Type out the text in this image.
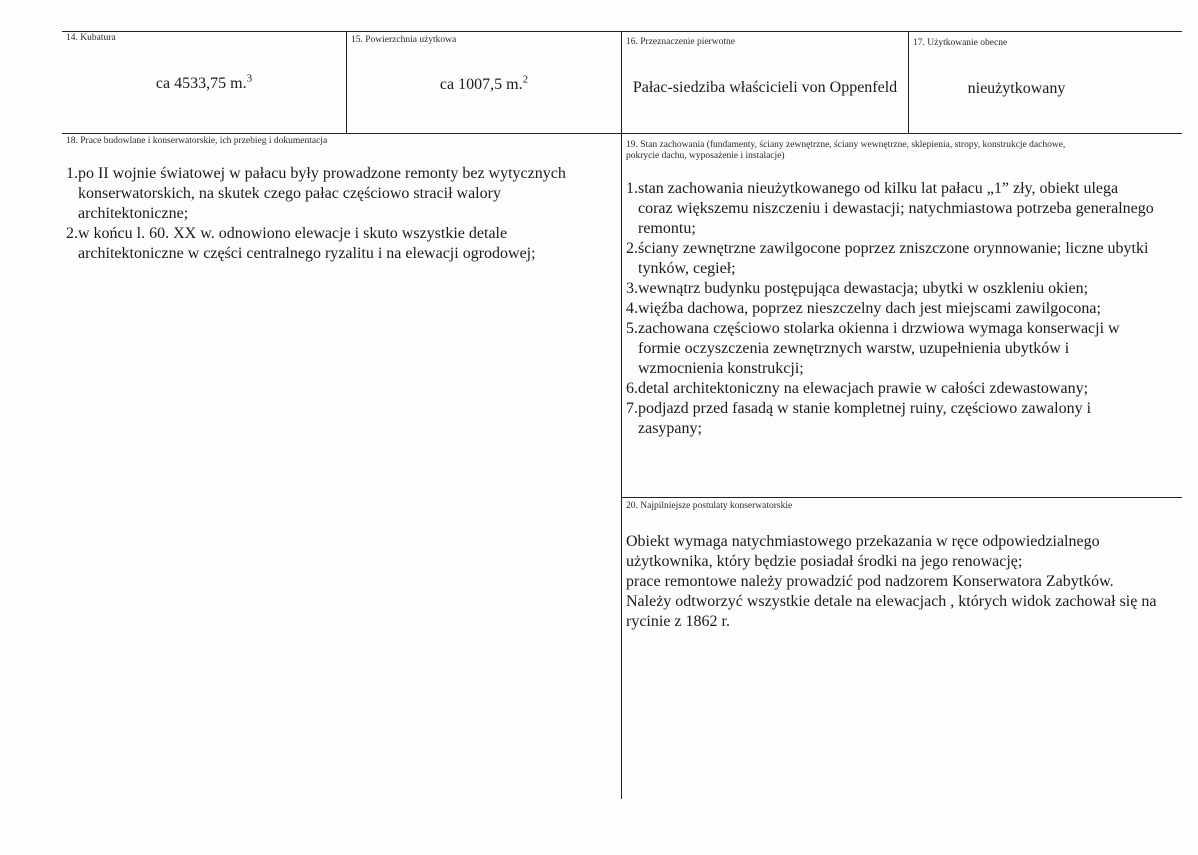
14. Kubatura
ca 4533,75 m.$^3$
15. Powierzchnia użytkowa
ca 1007,5 m.$^2$
16. Przeznaczenie pierwotne
Pałac-siedziba właścicieli von Oppenfeld
17. Użytkowanie obecne
nieużytkowany
18. Prace budowlane i konserwatorskie, ich przebieg i dokumentacja
1.po II wojnie światowej w pałacu były prowadzone remonty bez wytycznych konserwatorskich, na skutek czego pałac częściowo stracił walory architektoniczne;
2.w końcu l. 60. XX w. odnowiono elewacje i skuto wszystkie detale architektoniczne w części centralnego ryzalitu i na elewacji ogrodowej;
19. Stan zachowania (fundamenty, ściany zewnętrzne, ściany wewnętrzne, sklepienia, stropy, konstrukcje dachowe, pokrycie dachu, wyposażenie i instalacje)
1.stan zachowania nieużytkowanego od kilku lat pałacu „1” zły, obiekt ulega coraz większemu niszczeniu i dewastacji; natychmiastowa potrzeba generalnego remontu;
2.ściany zewnętrzne zawilgocone poprzez zniszczone orynnowanie; liczne ubytki tynków, cegieł;
3.wewnątrz budynku postępująca dewastacja; ubytki w oszkleniu okien;
4.więźba dachowa, poprzez nieszczelny dach jest miejscami zawilgocona;
5.zachowana częściowo stolarka okienna i drzwiowa wymaga konserwacji w formie oczyszczenia zewnętrznych warstw, uzupełnienia ubytków i wzmocnienia konstrukcji;
6.detal architektoniczny na elewacjach prawie w całości zdewastowany;
7.podjazd przed fasadą w stanie kompletnej ruiny, częściowo zawalony i zasypany;
20. Najpilniejsze postulaty konserwatorskie
Obiekt wymaga natychmiastowego przekazania w ręce odpowiedzialnego użytkownika, który będzie posiadał środki na jego renowację;
prace remontowe należy prowadzić pod nadzorem Konserwatora Zabytków.
Należy odtworzyć wszystkie detale na elewacjach , których widok zachował się na rycinie z 1862 r.
